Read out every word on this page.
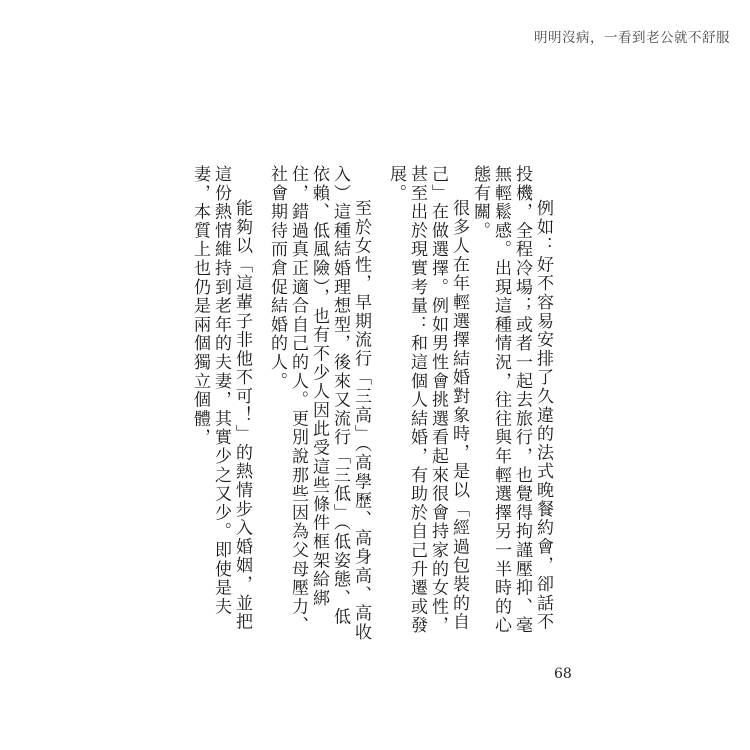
明明沒病，一看到老公就不舒服

例如：好不容易安排了久違的法式晚餐約會，卻話不投機，全程冷場；或者一起去旅行，也覺得拘謹壓抑、毫無輕鬆感。出現這種情況，往往與年輕選擇另一半時的心態有關。

很多人在年輕選擇結婚對象時，是以「經過包裝的自己」在做選擇。例如男性會挑選看起來很會持家的女性，甚至出於現實考量：和這個人結婚，有助於自己升遷或發展。

至於女性，早期流行「三高」（高學歷、高身高、高收入）這種結婚理想型，後來又流行「三低」（低姿態、低依賴、低風險），也有不少人因此受這些條件框架給綁住，錯過真正適合自己的人。更別說那些因為父母壓力、社會期待而倉促結婚的人。

能夠以「這輩子非他不可！」的熱情步入婚姻，並把這份熱情維持到老年的夫妻，其實少之又少。即使是夫妻，本質上也仍是兩個獨立個體，

68
